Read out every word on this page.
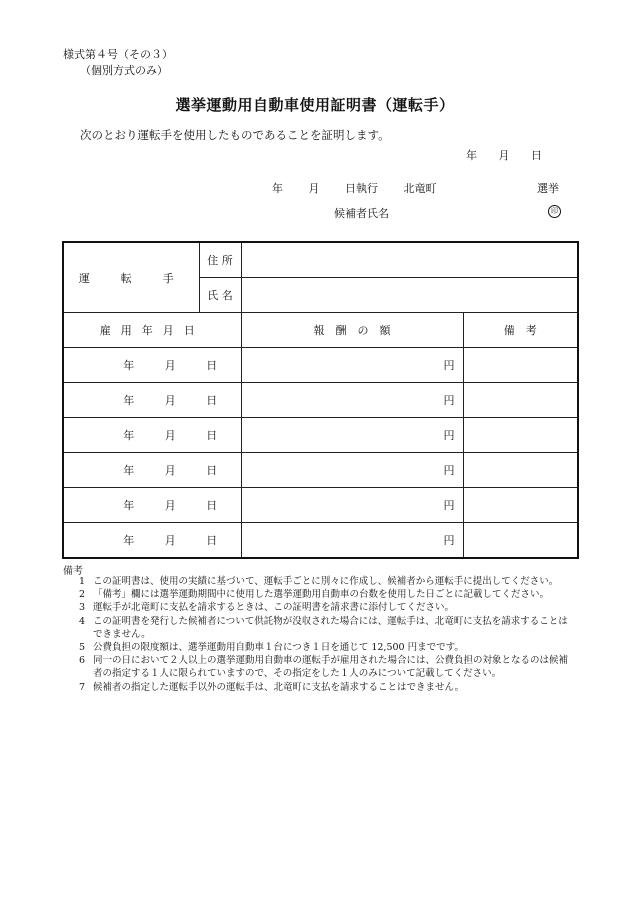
様式第４号（その３）
（個別方式のみ）
選挙運動用自動車使用証明書（運転手）
次のとおり運転手を使用したものであることを証明します。
年 月 日
年 月 日執行 北竜町	選挙
候補者氏名	印
運　転　手	住 所		
	氏 名		
雇用年月日		報　酬　の　額	備　考

年 月 日		円	

年 月 日		円	

年 月 日		円	

年 月 日		円	

年 月 日		円	

年 月 日		円	
備考
1 この証明書は、使用の実績に基づいて、運転手ごとに別々に作成し、候補者から運転手に提出してください。
2 「備考」欄には選挙運動期間中に使用した選挙運動用自動車の台数を使用した日ごとに記載してください。
3 運転手が北竜町に支払を請求するときは、この証明書を請求書に添付してください。
4 この証明書を発行した候補者について供託物が没収された場合には、運転手は、北竜町に支払を請求することはできません。
5 公費負担の限度額は、選挙運動用自動車１台につき１日を通じて 12,500 円までです。
6 同一の日において２人以上の選挙運動用自動車の運転手が雇用された場合には、公費負担の対象となるのは候補者の指定する１人に限られていますので、その指定をした１人のみについて記載してください。
7 候補者の指定した運転手以外の運転手は、北竜町に支払を請求することはできません。
